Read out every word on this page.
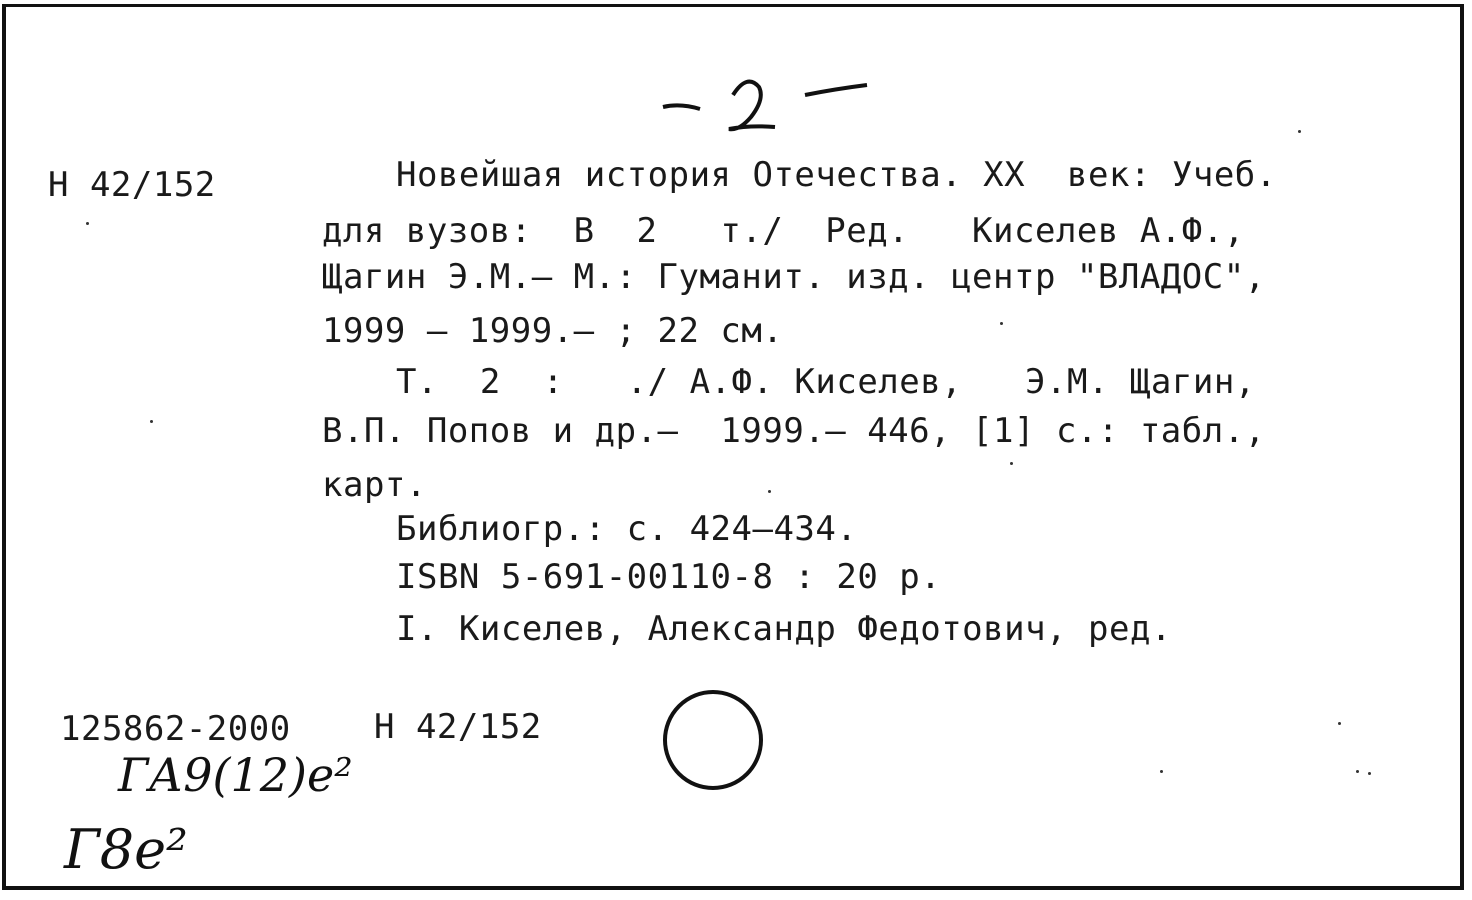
Н 42/152	Новейшая история Отечества. XX  век: Учеб.
для вузов:  В  2   т./  Ред.   Киселев А.Ф.,
Щагин Э.М.– М.: Гуманит. изд. центр "ВЛАДОС",
1999 – 1999.– ; 22 см.
Т.  2  :   ./ А.Ф. Киселев,   Э.М. Щагин,
В.П. Попов и др.–  1999.– 446, [1] с.: табл.,
карт.
Библиогр.: с. 424–434.
ISBN 5-691-00110-8 : 20 р.
I. Киселев, Александр Федотович, ред.
125862-2000 Н 42/152
ГА9(12)е²
Г8е²
